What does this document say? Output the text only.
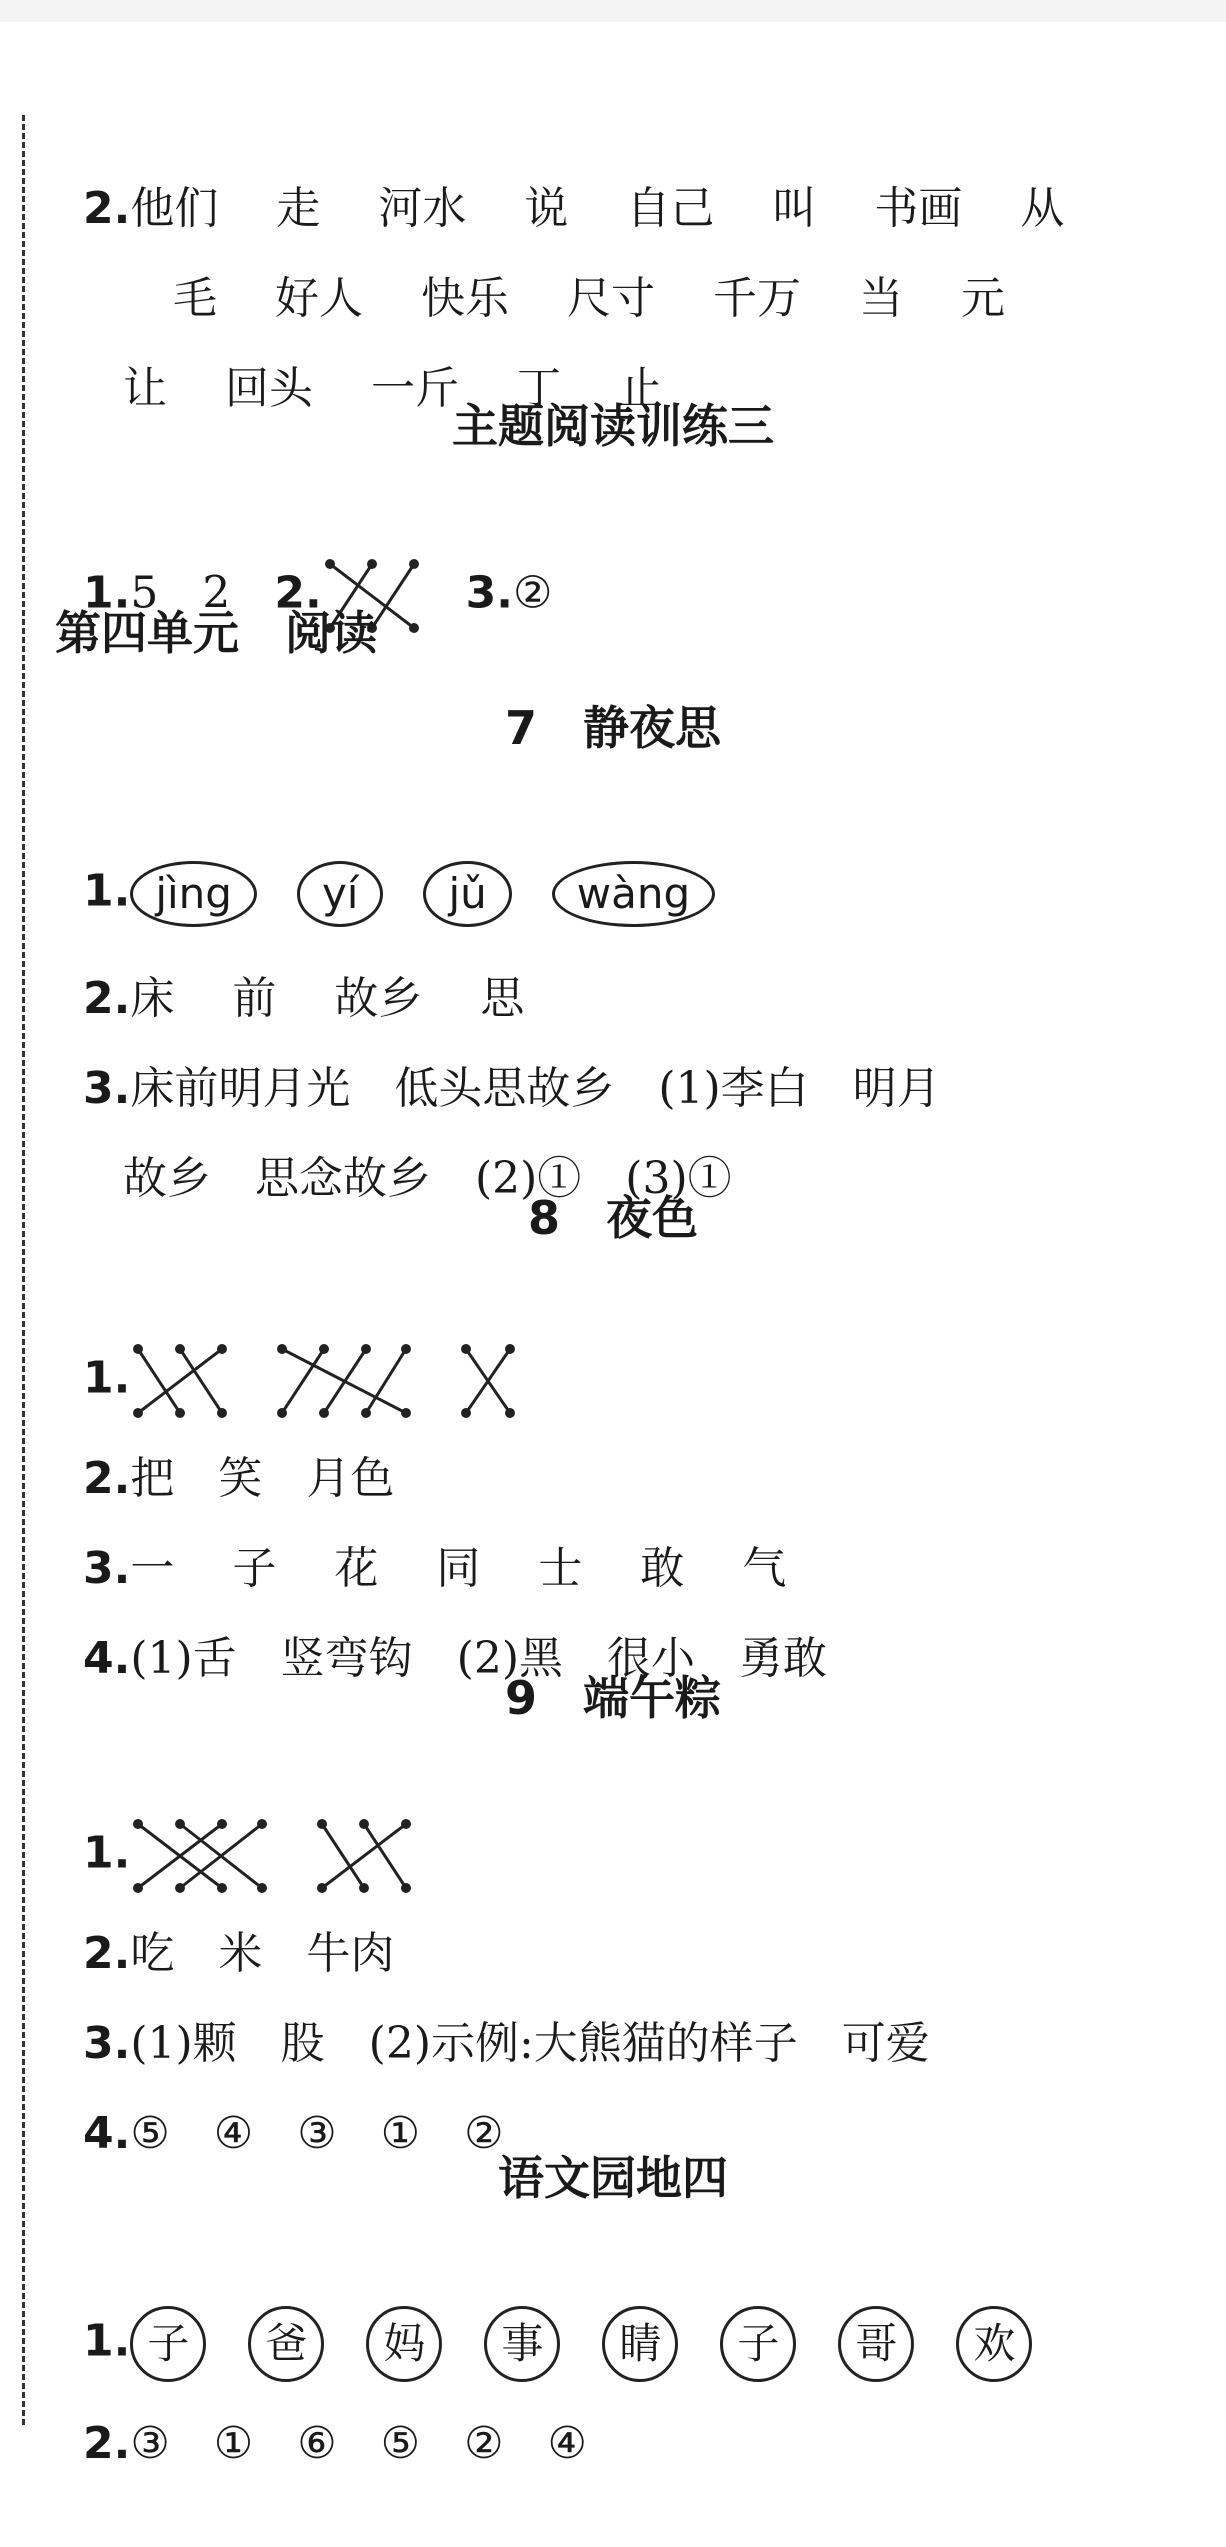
2.他们 走 河水 说 自己 叫 书画 从

毛 好人 快乐 尺寸 千万 当 元

让 回头 一斤 丁 止

主题阅读训练三

1.5　 2　 2.　	3.②

第四单元　阅读
7　静夜思

1. jìng yí jǔ wàng

2.床 前 故乡 思

3.床前明月光　低头思故乡　(1)李白　明月

故乡　思念故乡　(2)①　(3)①

8　夜色

1.　　

2.把　笑　月色

3.一 子 花 同 士 敢 气

4.(1)舌　竖弯钩　(2)黑　很小　勇敢

9　端午粽

1.　

2.吃　米　牛肉

3.(1)颗　股　(2)示例:大熊猫的样子　可爱

4.⑤　④　③　①　②

语文园地四

1. 子 爸 妈 事 睛 子 哥 欢

2.③　①　⑥　⑤　②　④
